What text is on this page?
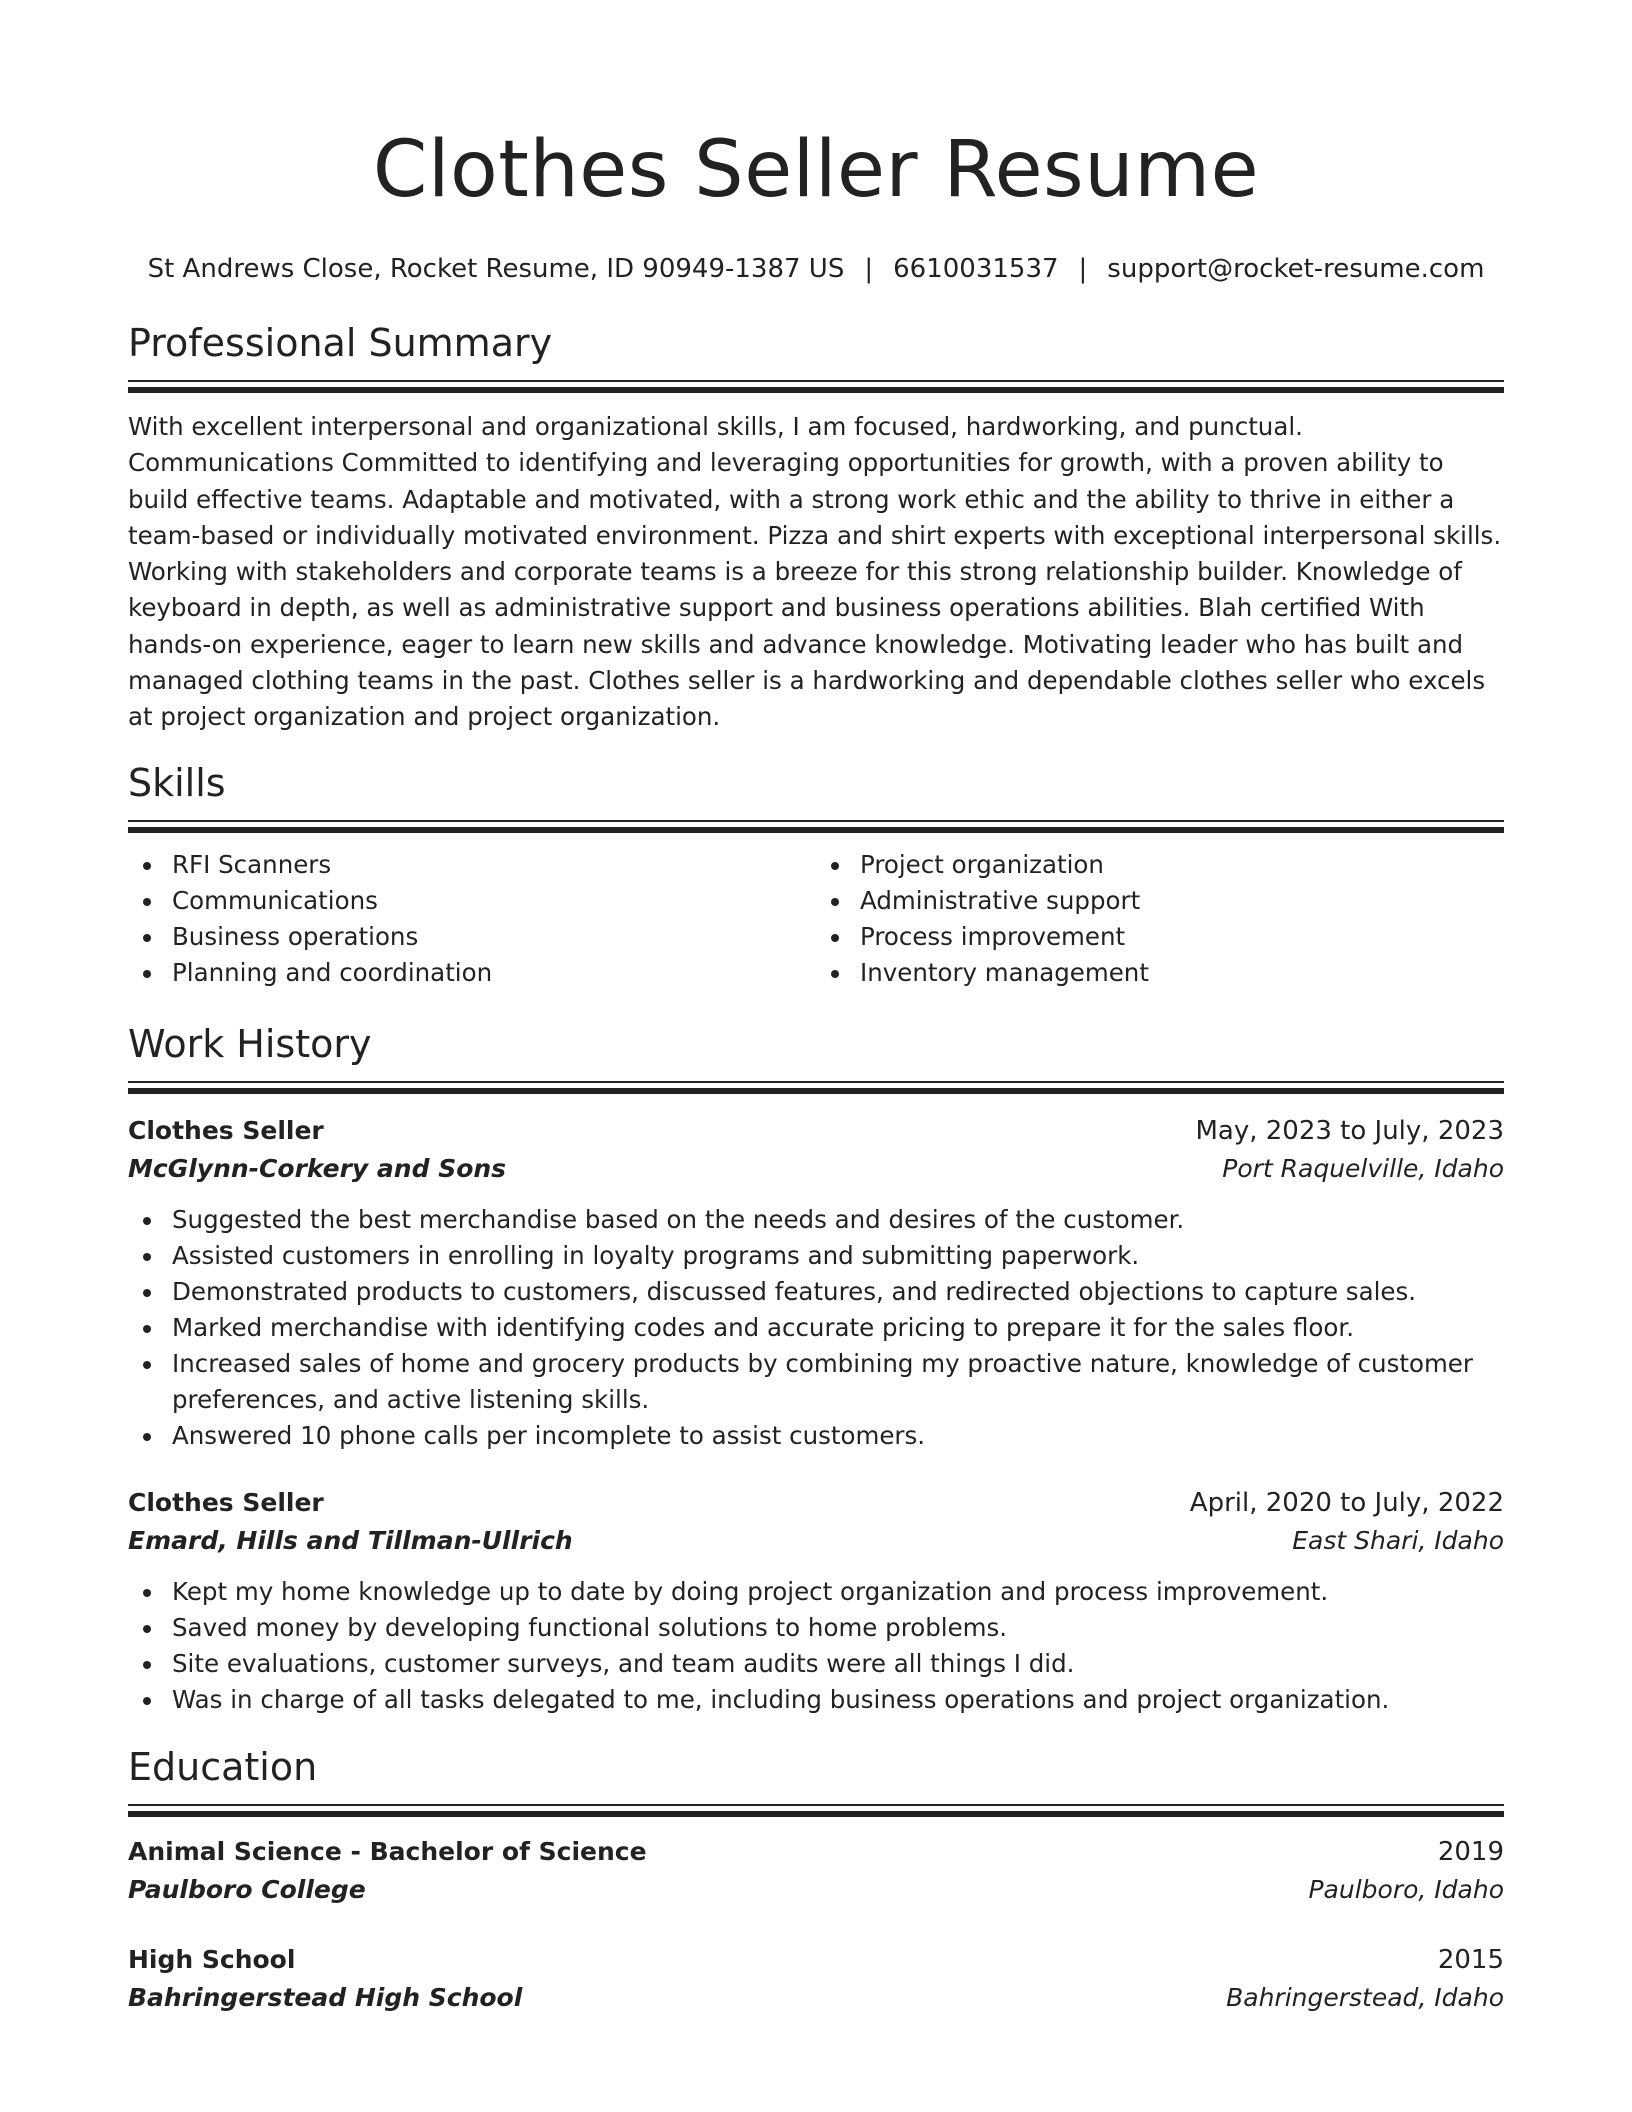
Clothes Seller Resume
St Andrews Close, Rocket Resume, ID 90949-1387 US | 6610031537 | support@rocket-resume.com
Professional Summary
With excellent interpersonal and organizational skills, I am focused, hardworking, and punctual. Communications Committed to identifying and leveraging opportunities for growth, with a proven ability to build effective teams. Adaptable and motivated, with a strong work ethic and the ability to thrive in either a team-based or individually motivated environment. Pizza and shirt experts with exceptional interpersonal skills. Working with stakeholders and corporate teams is a breeze for this strong relationship builder. Knowledge of keyboard in depth, as well as administrative support and business operations abilities. Blah certified With hands-on experience, eager to learn new skills and advance knowledge. Motivating leader who has built and managed clothing teams in the past. Clothes seller is a hardworking and dependable clothes seller who excels at project organization and project organization.
Skills
RFI Scanners
Communications
Business operations
Planning and coordination
Project organization
Administrative support
Process improvement
Inventory management
Work History
Clothes Seller	May, 2023 to July, 2023
McGlynn-Corkery and Sons	Port Raquelville, Idaho
Suggested the best merchandise based on the needs and desires of the customer.
Assisted customers in enrolling in loyalty programs and submitting paperwork.
Demonstrated products to customers, discussed features, and redirected objections to capture sales.
Marked merchandise with identifying codes and accurate pricing to prepare it for the sales floor.
Increased sales of home and grocery products by combining my proactive nature, knowledge of customer preferences, and active listening skills.
Answered 10 phone calls per incomplete to assist customers.
Clothes Seller	April, 2020 to July, 2022
Emard, Hills and Tillman-Ullrich	East Shari, Idaho
Kept my home knowledge up to date by doing project organization and process improvement.
Saved money by developing functional solutions to home problems.
Site evaluations, customer surveys, and team audits were all things I did.
Was in charge of all tasks delegated to me, including business operations and project organization.
Education
Animal Science - Bachelor of Science	2019
Paulboro College	Paulboro, Idaho
High School	2015
Bahringerstead High School	Bahringerstead, Idaho
